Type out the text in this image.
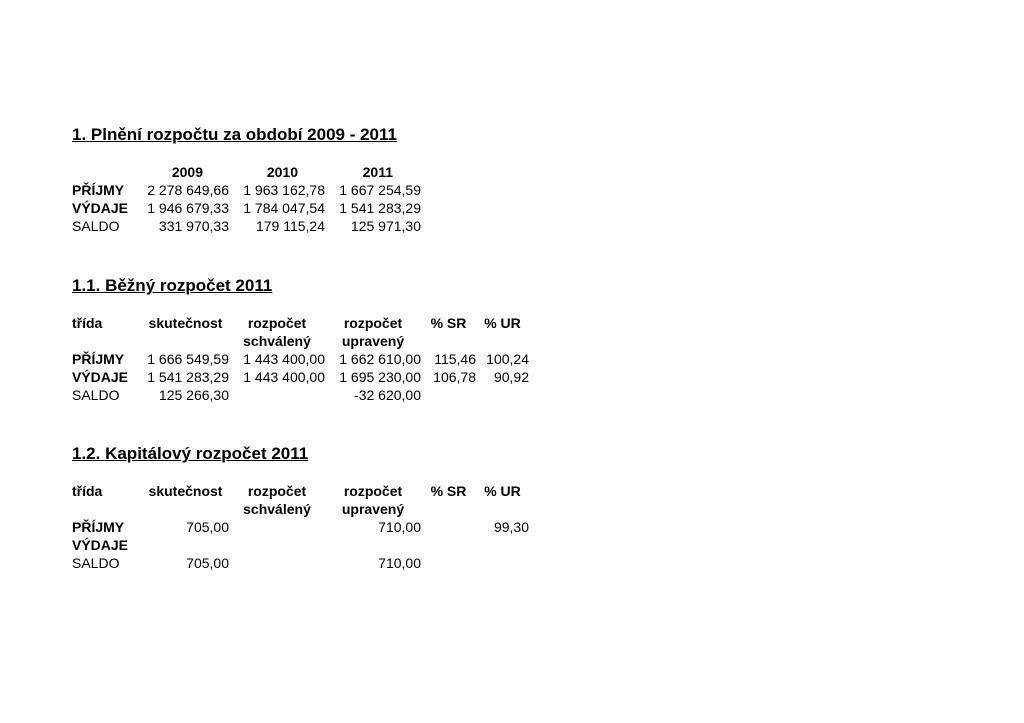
1. Plnění rozpočtu za období 2009 - 2011
	2009	2010	2011
PŘÍJMY	2 278 649,66	1 963 162,78	1 667 254,59
VÝDAJE	1 946 679,33	1 784 047,54	1 541 283,29
SALDO	331 970,33	179 115,24	125 971,30
1.1. Běžný rozpočet 2011
třída	skutečnost	rozpočet	rozpočet	% SR	% UR
		schválený	upravený		
PŘÍJMY	1 666 549,59	1 443 400,00	1 662 610,00	115,46	100,24
VÝDAJE	1 541 283,29	1 443 400,00	1 695 230,00	106,78	90,92
SALDO	125 266,30		-32 620,00		
1.2. Kapitálový rozpočet 2011
třída	skutečnost	rozpočet	rozpočet	% SR	% UR
		schválený	upravený		
PŘÍJMY	705,00		710,00		99,30
VÝDAJE					
SALDO	705,00		710,00		
